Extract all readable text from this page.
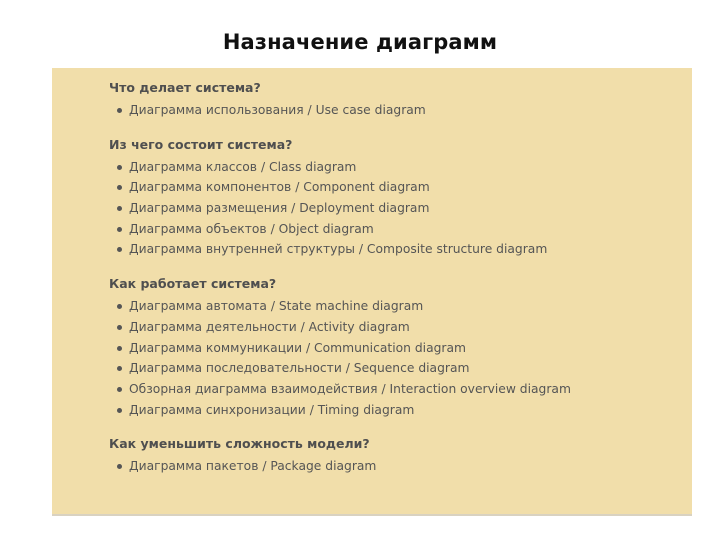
Назначение диаграмм
Что делает система?
Диаграмма использования / Use case diagram
Из чего состоит система?
Диаграмма классов / Class diagram
Диаграмма компонентов / Component diagram
Диаграмма размещения / Deployment diagram
Диаграмма объектов / Object diagram
Диаграмма внутренней структуры / Composite structure diagram
Как работает система?
Диаграмма автомата / State machine diagram
Диаграмма деятельности / Activity diagram
Диаграмма коммуникации / Communication diagram
Диаграмма последовательности / Sequence diagram
Обзорная диаграмма взаимодействия / Interaction overview diagram
Диаграмма синхронизации / Timing diagram
Как уменьшить сложность модели?
Диаграмма пакетов / Package diagram
